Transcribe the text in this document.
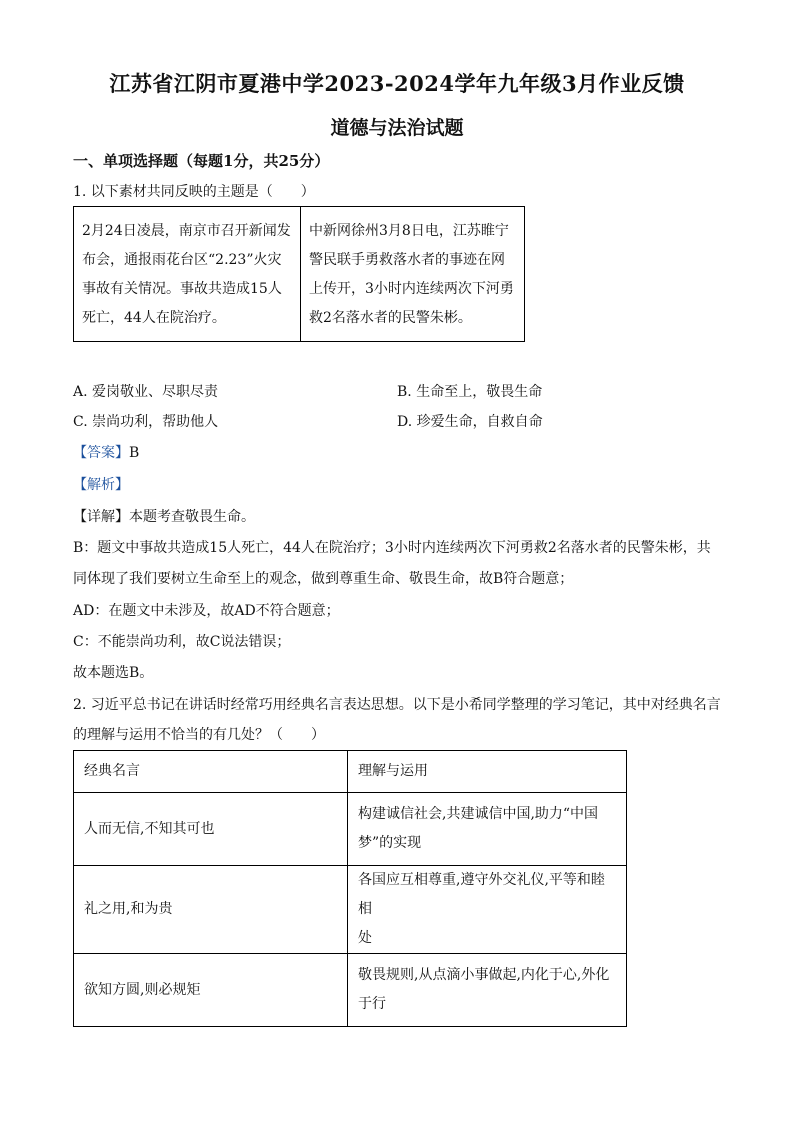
江苏省江阴市夏港中学2023-2024学年九年级3月作业反馈
道德与法治试题
一、单项选择题（每题1分，共25分）
1. 以下素材共同反映的主题是（　　）
2月24日凌晨，南京市召开新闻发布会，通报雨花台区“2.23”火灾事故有关情况。事故共造成15人死亡，44人在院治疗。	中新网徐州3月8日电，江苏睢宁警民联手勇救落水者的事迹在网上传开，3小时内连续两次下河勇救2名落水者的民警朱彬。
A. 爱岗敬业、尽职尽责	B. 生命至上，敬畏生命
C. 崇尚功利，帮助他人	D. 珍爱生命，自救自命
【答案】B
【解析】
【详解】本题考查敬畏生命。
B：题文中事故共造成15人死亡，44人在院治疗；3小时内连续两次下河勇救2名落水者的民警朱彬，共
同体现了我们要树立生命至上的观念，做到尊重生命、敬畏生命，故B符合题意；
AD：在题文中未涉及，故AD不符合题意；
C：不能崇尚功利，故C说法错误；
故本题选B。
2. 习近平总书记在讲话时经常巧用经典名言表达思想。以下是小希同学整理的学习笔记，其中对经典名言
的理解与运用不恰当的有几处？（　　）
经典名言	理解与运用
人而无信,不知其可也	构建诚信社会,共建诚信中国,助力“中国
梦”的实现

礼之用,和为贵	各国应互相尊重,遵守外交礼仪,平等和睦相
处

欲知方圆,则必规矩	敬畏规则,从点滴小事做起,内化于心,外化
于行
